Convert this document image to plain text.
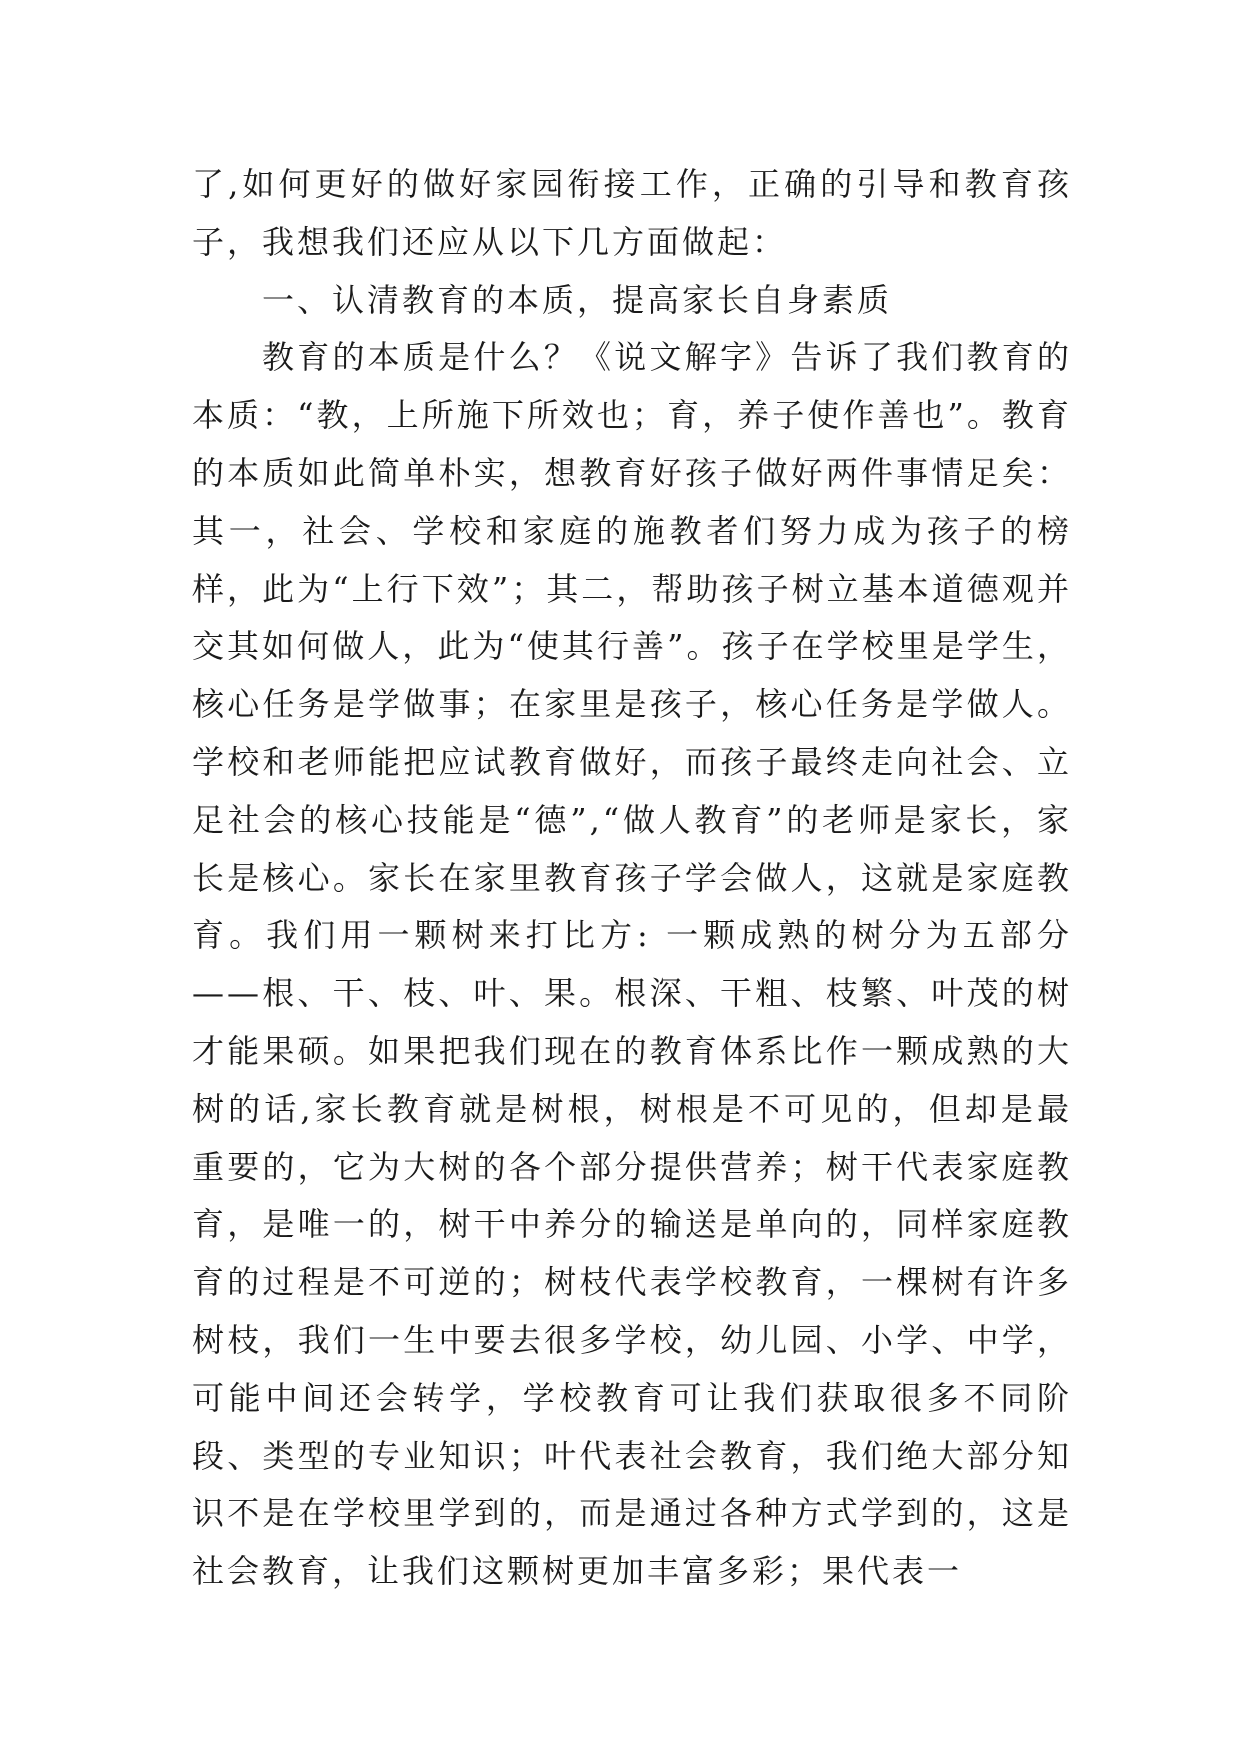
了,如何更好的做好家园衔接工作，正确的引导和教育孩子，我想我们还应从以下几方面做起：

一、认清教育的本质，提高家长自身素质

教育的本质是什么？《说文解字》告诉了我们教育的本质：“教，上所施下所效也；育，养子使作善也”。教育的本质如此简单朴实，想教育好孩子做好两件事情足矣：其一，社会、学校和家庭的施教者们努力成为孩子的榜样，此为“上行下效”；其二，帮助孩子树立基本道德观并交其如何做人，此为“使其行善”。孩子在学校里是学生，核心任务是学做事；在家里是孩子，核心任务是学做人。学校和老师能把应试教育做好，而孩子最终走向社会、立足社会的核心技能是“德”,“做人教育”的老师是家长，家长是核心。家长在家里教育孩子学会做人，这就是家庭教育。我们用一颗树来打比方: 一颗成熟的树分为五部分——根、干、枝、叶、果。根深、干粗、枝繁、叶茂的树才能果硕。如果把我们现在的教育体系比作一颗成熟的大树的话,家长教育就是树根，树根是不可见的，但却是最重要的，它为大树的各个部分提供营养；树干代表家庭教育，是唯一的，树干中养分的输送是单向的，同样家庭教育的过程是不可逆的；树枝代表学校教育，一棵树有许多树枝，我们一生中要去很多学校，幼儿园、小学、中学，可能中间还会转学，学校教育可让我们获取很多不同阶段、类型的专业知识；叶代表社会教育，我们绝大部分知识不是在学校里学到的，而是通过各种方式学到的，这是社会教育，让我们这颗树更加丰富多彩；果代表一
